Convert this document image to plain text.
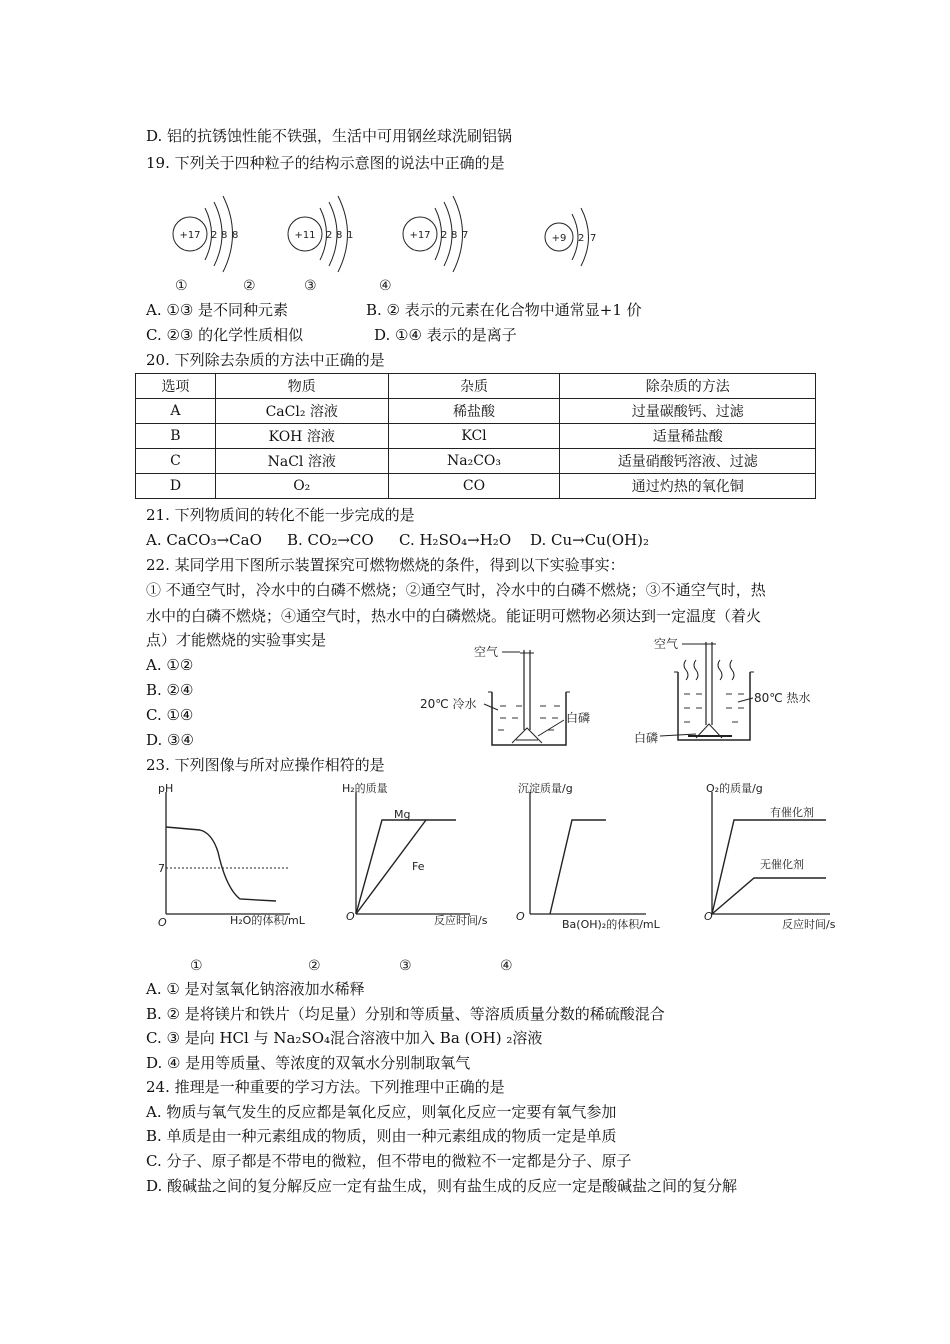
D. 铝的抗锈蚀性能不铁强，生活中可用钢丝球洗刷铝锅
19. 下列关于四种粒子的结构示意图的说法中正确的是
+17 2 8 8
①
+11 2 8 1
②
+17 2 8 7
③
+9 2 7
④
A. ①③ 是不同种元素	B. ② 表示的元素在化合物中通常显+1 价
C. ②③ 的化学性质相似	D. ①④ 表示的是离子
20. 下列除去杂质的方法中正确的是
选项	物质	杂质	除杂质的方法
A	CaCl₂ 溶液	稀盐酸	过量碳酸钙、过滤
B	KOH 溶液	KCl	适量稀盐酸
C	NaCl 溶液	Na₂CO₃	适量硝酸钙溶液、过滤
D	O₂	CO	通过灼热的氧化铜
21. 下列物质间的转化不能一步完成的是
A. CaCO₃→CaO B. CO₂→CO C. H₂SO₄→H₂O D. Cu→Cu(OH)₂
22. 某同学用下图所示装置探究可燃物燃烧的条件，得到以下实验事实：
① 不通空气时，冷水中的白磷不燃烧；②通空气时，冷水中的白磷不燃烧；③不通空气时，热
水中的白磷不燃烧；④通空气时，热水中的白磷燃烧。能证明可燃物必须达到一定温度（着火
点）才能燃烧的实验事实是
A. ①②
B. ②④
C. ①④
D. ③④
空气
20℃ 冷水
白磷
空气
80℃ 热水
白磷
23. 下列图像与所对应操作相符的是
pH
7
O	H₂O的体积/mL
①
H₂的质量
Mg
Fe
O	反应时间/s
②
沉淀质量/g
O
Ba(OH)₂的体积/mL
③
O₂的质量/g
有催化剂
无催化剂
O
反应时间/s
④
A. ① 是对氢氧化钠溶液加水稀释
B. ② 是将镁片和铁片（均足量）分别和等质量、等溶质质量分数的稀硫酸混合
C. ③ 是向 HCl 与 Na₂SO₄混合溶液中加入 Ba (OH) ₂溶液
D. ④ 是用等质量、等浓度的双氧水分别制取氧气
24. 推理是一种重要的学习方法。下列推理中正确的是
A. 物质与氧气发生的反应都是氧化反应，则氧化反应一定要有氧气参加
B. 单质是由一种元素组成的物质，则由一种元素组成的物质一定是单质
C. 分子、原子都是不带电的微粒，但不带电的微粒不一定都是分子、原子
D. 酸碱盐之间的复分解反应一定有盐生成，则有盐生成的反应一定是酸碱盐之间的复分解
